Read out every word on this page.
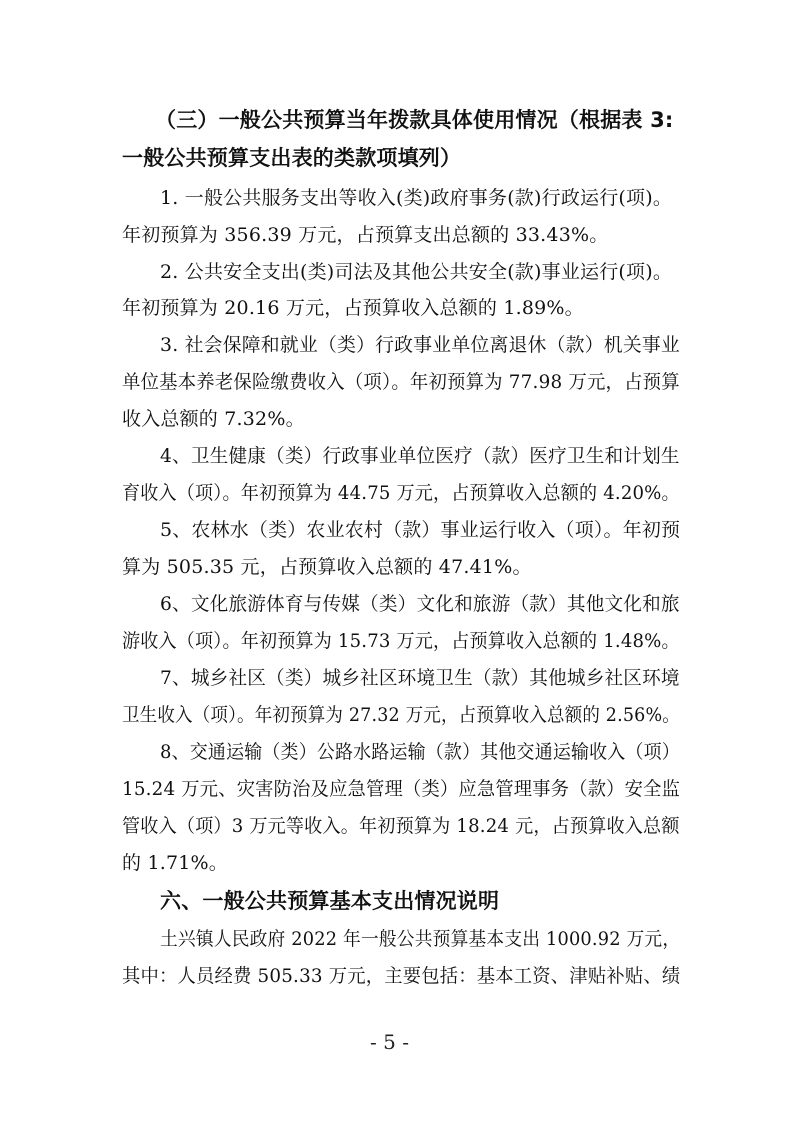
（三）一般公共预算当年拨款具体使用情况（根据表 3:
一般公共预算支出表的类款项填列）
1. 一般公共服务支出等收入(类)政府事务(款)行政运行(项)。
年初预算为 356.39 万元，占预算支出总额的 33.43%。
2. 公共安全支出(类)司法及其他公共安全(款)事业运行(项)。
年初预算为 20.16 万元，占预算收入总额的 1.89%。
3. 社会保障和就业（类）行政事业单位离退休（款）机关事业
单位基本养老保险缴费收入（项）。年初预算为 77.98 万元，占预算
收入总额的 7.32%。
4、卫生健康（类）行政事业单位医疗（款）医疗卫生和计划生
育收入（项）。年初预算为 44.75 万元，占预算收入总额的 4.20%。
5、农林水（类）农业农村（款）事业运行收入（项）。年初预
算为 505.35 元，占预算收入总额的 47.41%。
6、文化旅游体育与传媒（类）文化和旅游（款）其他文化和旅
游收入（项）。年初预算为 15.73 万元，占预算收入总额的 1.48%。
7、城乡社区（类）城乡社区环境卫生（款）其他城乡社区环境
卫生收入（项）。年初预算为 27.32 万元，占预算收入总额的 2.56%。
8、交通运输（类）公路水路运输（款）其他交通运输收入（项）
15.24 万元、灾害防治及应急管理（类）应急管理事务（款）安全监
管收入（项）3 万元等收入。年初预算为 18.24 元，占预算收入总额
的 1.71%。
六、一般公共预算基本支出情况说明
土兴镇人民政府 2022 年一般公共预算基本支出 1000.92 万元，
其中：人员经费 505.33 万元，主要包括：基本工资、津贴补贴、绩
- 5 -
